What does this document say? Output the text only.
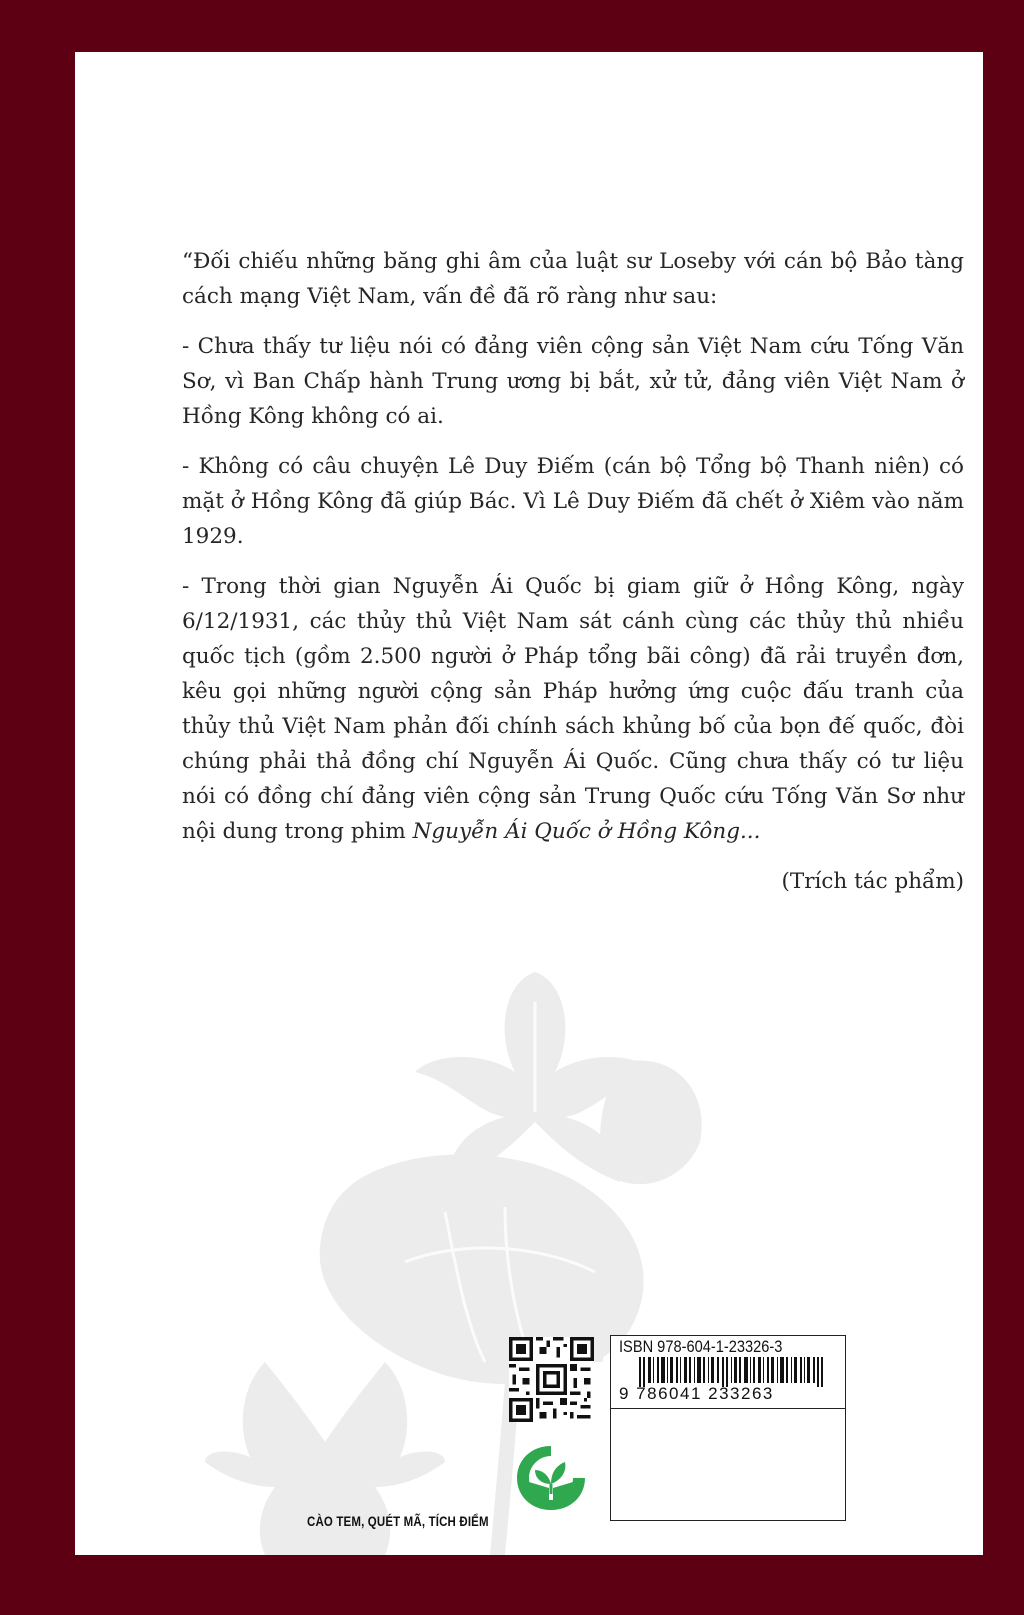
“Đối chiếu những băng ghi âm của luật sư Loseby với cán bộ Bảo tàng cách mạng Việt Nam, vấn đề đã rõ ràng như sau:

- Chưa thấy tư liệu nói có đảng viên cộng sản Việt Nam cứu Tống Văn Sơ, vì Ban Chấp hành Trung ương bị bắt, xử tử, đảng viên Việt Nam ở Hồng Kông không có ai.

- Không có câu chuyện Lê Duy Điếm (cán bộ Tổng bộ Thanh niên) có mặt ở Hồng Kông đã giúp Bác. Vì Lê Duy Điếm đã chết ở Xiêm vào năm 1929.

- Trong thời gian Nguyễn Ái Quốc bị giam giữ ở Hồng Kông, ngày 6/12/1931, các thủy thủ Việt Nam sát cánh cùng các thủy thủ nhiều quốc tịch (gồm 2.500 người ở Pháp tổng bãi công) đã rải truyền đơn, kêu gọi những người cộng sản Pháp hưởng ứng cuộc đấu tranh của thủy thủ Việt Nam phản đối chính sách khủng bố của bọn đế quốc, đòi chúng phải thả đồng chí Nguyễn Ái Quốc. Cũng chưa thấy có tư liệu nói có đồng chí đảng viên cộng sản Trung Quốc cứu Tống Văn Sơ như nội dung trong phim Nguyễn Ái Quốc ở Hồng Kông...

(Trích tác phẩm)

CÀO TEM, QUÉT MÃ, TÍCH ĐIỂM
ISBN 978-604-1-23326-3
9 786041 233263
